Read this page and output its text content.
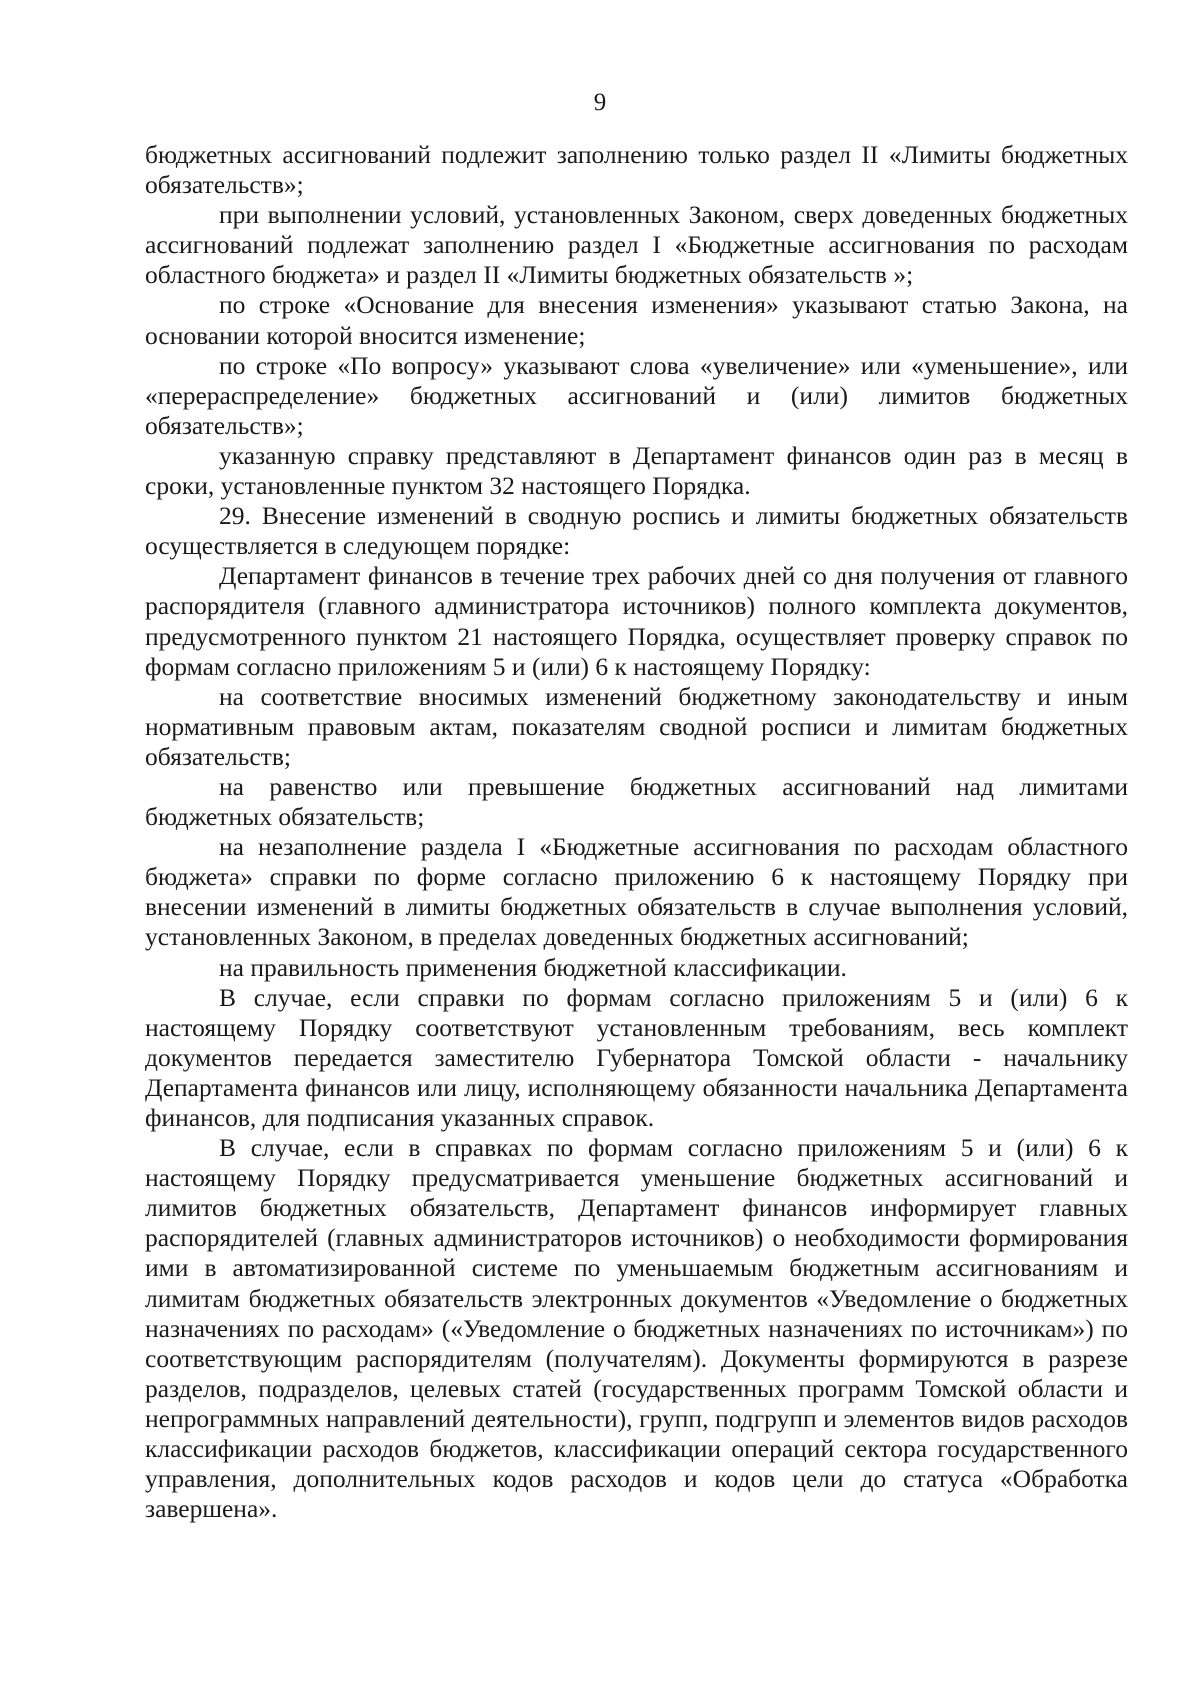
9

бюджетных ассигнований подлежит заполнению только раздел II «Лимиты бюджетных обязательств»;

при выполнении условий, установленных Законом, сверх доведенных бюджетных ассигнований подлежат заполнению раздел I «Бюджетные ассигнования по расходам областного бюджета» и раздел II «Лимиты бюджетных обязательств »;

по строке «Основание для внесения изменения» указывают статью Закона, на основании которой вносится изменение;

по строке «По вопросу» указывают слова «увеличение» или «уменьшение», или «перераспределение» бюджетных ассигнований и (или) лимитов бюджетных обязательств»;

указанную справку представляют в Департамент финансов один раз в месяц в сроки, установленные пунктом 32 настоящего Порядка.

29. Внесение изменений в сводную роспись и лимиты бюджетных обязательств осуществляется в следующем порядке:

Департамент финансов в течение трех рабочих дней со дня получения от главного распорядителя (главного администратора источников) полного комплекта документов, предусмотренного пунктом 21 настоящего Порядка, осуществляет проверку справок по формам согласно приложениям 5 и (или) 6 к настоящему Порядку:

на соответствие вносимых изменений бюджетному законодательству и иным нормативным правовым актам, показателям сводной росписи и лимитам бюджетных обязательств;

на равенство или превышение бюджетных ассигнований над лимитами бюджетных обязательств;

на незаполнение раздела I «Бюджетные ассигнования по расходам областного бюджета» справки по форме согласно приложению 6 к настоящему Порядку при внесении изменений в лимиты бюджетных обязательств в случае выполнения условий, установленных Законом, в пределах доведенных бюджетных ассигнований;

на правильность применения бюджетной классификации.

В случае, если справки по формам согласно приложениям 5 и (или) 6 к настоящему Порядку соответствуют установленным требованиям, весь комплект документов передается заместителю Губернатора Томской области - начальнику Департамента финансов или лицу, исполняющему обязанности начальника Департамента финансов, для подписания указанных справок.

В случае, если в справках по формам согласно приложениям 5 и (или) 6 к настоящему Порядку предусматривается уменьшение бюджетных ассигнований и лимитов бюджетных обязательств, Департамент финансов информирует главных распорядителей (главных администраторов источников) о необходимости формирования ими в автоматизированной системе по уменьшаемым бюджетным ассигнованиям и лимитам бюджетных обязательств электронных документов «Уведомление о бюджетных назначениях по расходам» («Уведомление о бюджетных назначениях по источникам») по соответствующим распорядителям (получателям). Документы формируются в разрезе разделов, подразделов, целевых статей (государственных программ Томской области и непрограммных направлений деятельности), групп, подгрупп и элементов видов расходов классификации расходов бюджетов, классификации операций сектора государственного управления, дополнительных кодов расходов и кодов цели до статуса «Обработка завершена».
